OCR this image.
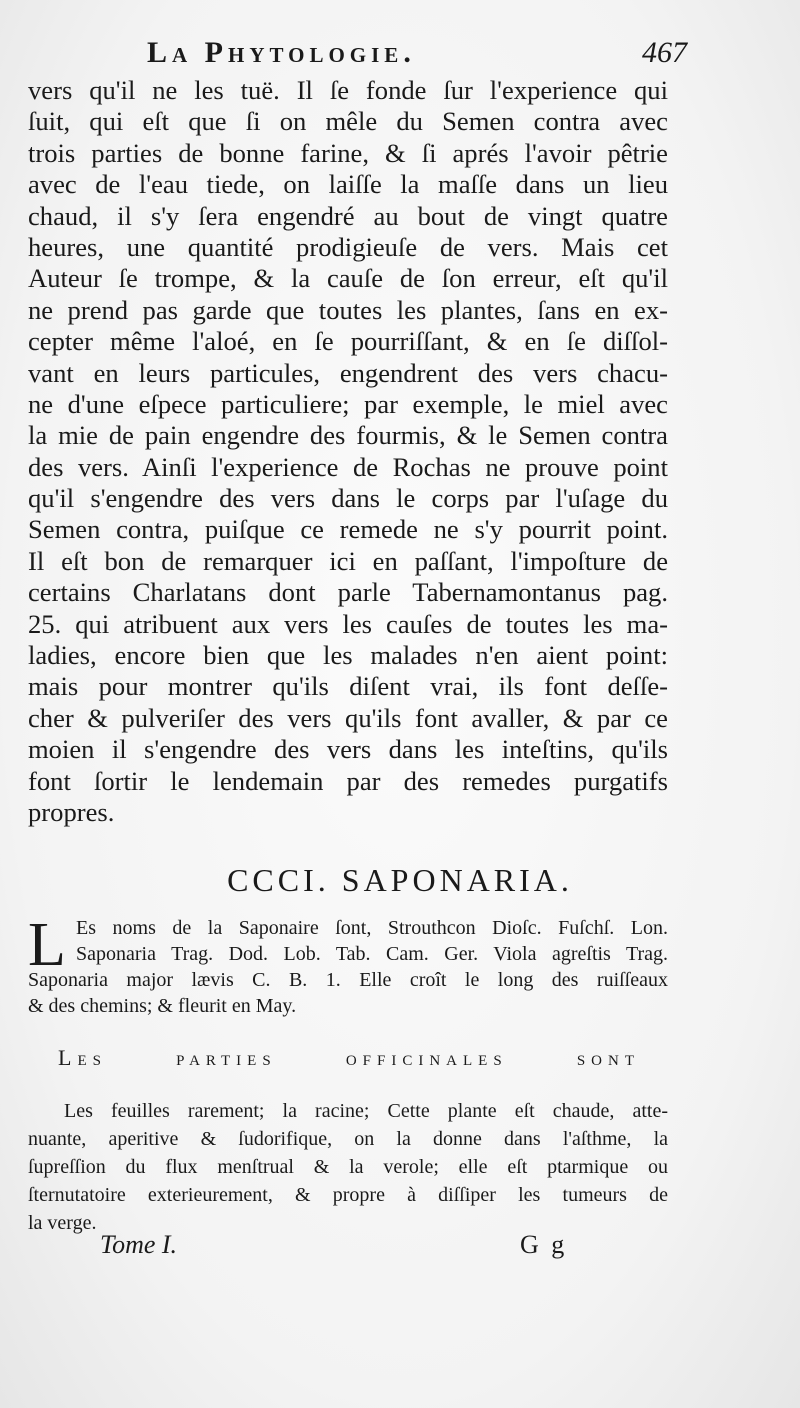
La Phytologie.	467
vers qu'il ne les tuë. Il ſe fonde ſur l'experience qui
ſuit, qui eſt que ſi on mêle du Semen contra avec
trois parties de bonne farine, & ſi aprés l'avoir pêtrie
avec de l'eau tiede, on laiſſe la maſſe dans un lieu
chaud, il s'y ſera engendré au bout de vingt quatre
heures, une quantité prodigieuſe de vers. Mais cet
Auteur ſe trompe, & la cauſe de ſon erreur, eſt qu'il
ne prend pas garde que toutes les plantes, ſans en ex-
cepter même l'aloé, en ſe pourriſſant, & en ſe diſſol-
vant en leurs particules, engendrent des vers chacu-
ne d'une eſpece particuliere; par exemple, le miel avec
la mie de pain engendre des fourmis, & le Semen contra
des vers. Ainſi l'experience de Rochas ne prouve point
qu'il s'engendre des vers dans le corps par l'uſage du
Semen contra, puiſque ce remede ne s'y pourrit point.
Il eſt bon de remarquer ici en paſſant, l'impoſture de
certains Charlatans dont parle Tabernamontanus pag.
25. qui atribuent aux vers les cauſes de toutes les ma-
ladies, encore bien que les malades n'en aient point:
mais pour montrer qu'ils diſent vrai, ils font deſſe-
cher & pulveriſer des vers qu'ils font avaller, & par ce
moien il s'engendre des vers dans les inteſtins, qu'ils
font ſortir le lendemain par des remedes purgatifs
propres.
CCCI. SAPONARIA.
L Es noms de la Saponaire ſont, Strouthcon Dioſc. Fuſchſ. Lon.
Saponaria Trag. Dod. Lob. Tab. Cam. Ger. Viola agreſtis Trag.
Saponaria major lævis C. B. 1. Elle croît le long des ruiſſeaux
& des chemins; & fleurit en May.
Les parties officinales sont
Les feuilles rarement; la racine; Cette plante eſt chaude, atte-
nuante, aperitive & ſudorifique, on la donne dans l'aſthme, la
ſupreſſion du flux menſtrual & la verole; elle eſt ptarmique ou
ſternutatoire exterieurement, & propre à diſſiper les tumeurs de
la verge.
Tome I.	G g
